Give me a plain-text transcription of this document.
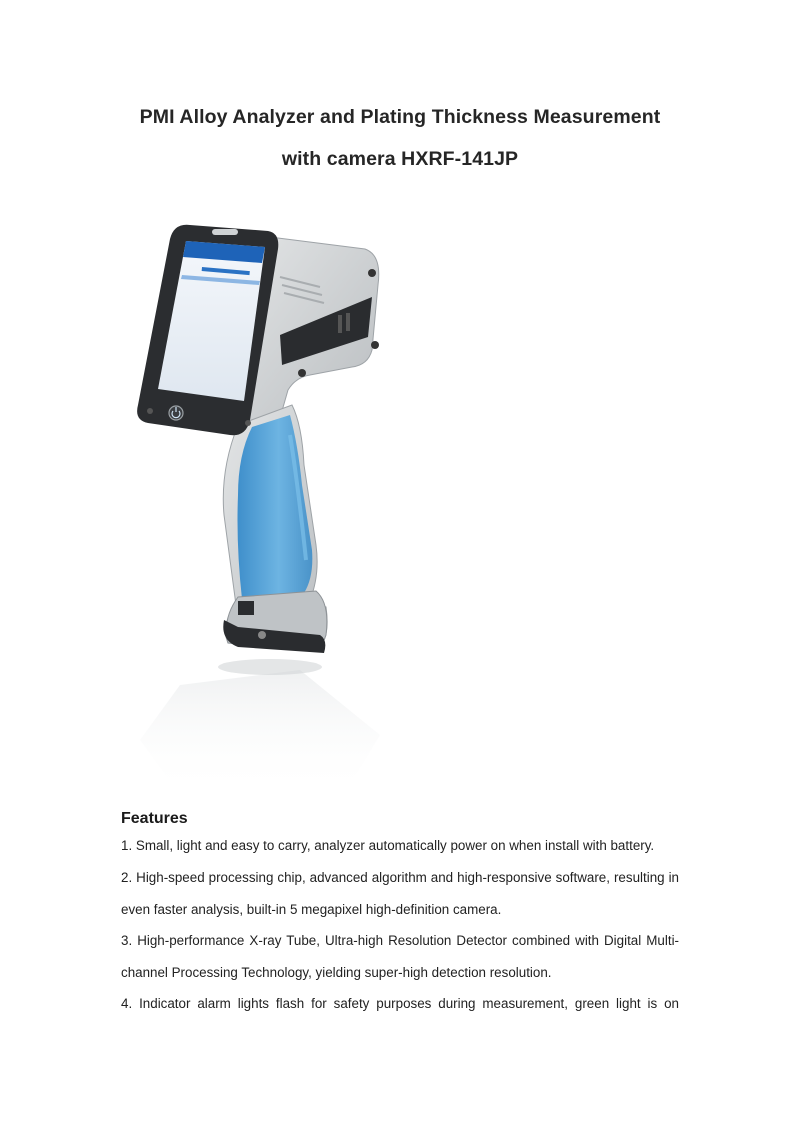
PMI Alloy Analyzer and Plating Thickness Measurement
with camera HXRF-141JP
Features
1. Small, light and easy to carry, analyzer automatically power on when install with battery.
2. High-speed processing chip, advanced algorithm and high-responsive software, resulting in even faster analysis, built-in 5 megapixel high-definition camera.
3. High-performance X-ray Tube, Ultra-high Resolution Detector combined with Digital Multi-channel Processing Technology, yielding super-high detection resolution.
4. Indicator alarm lights flash for safety purposes during measurement, green light is on
